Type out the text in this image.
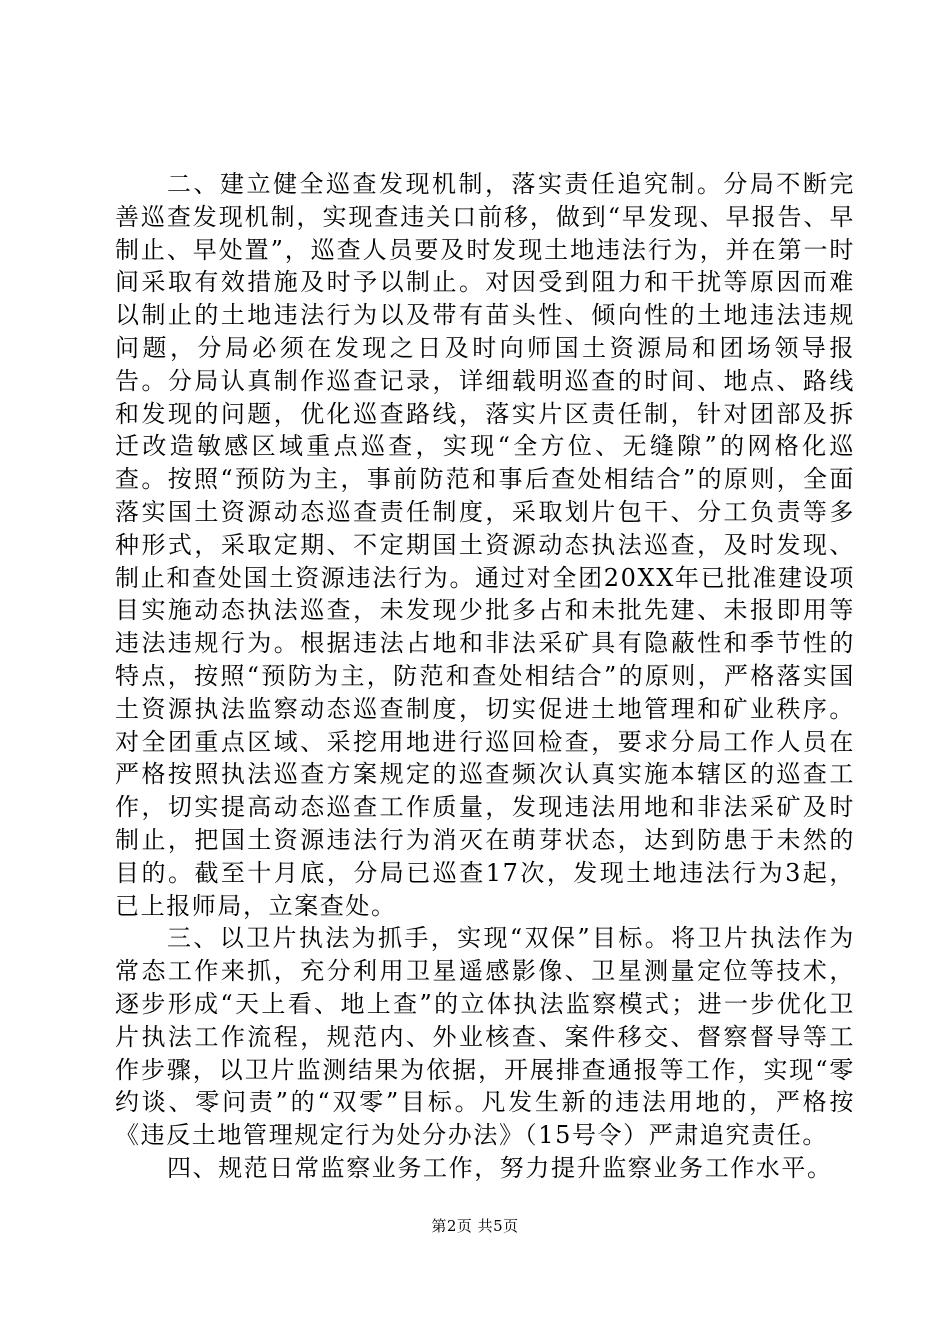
二、建立健全巡查发现机制，落实责任追究制。分局不断完善巡查发现机制，实现查违关口前移，做到“早发现、早报告、早制止、早处置”，巡查人员要及时发现土地违法行为，并在第一时间采取有效措施及时予以制止。对因受到阻力和干扰等原因而难以制止的土地违法行为以及带有苗头性、倾向性的土地违法违规问题，分局必须在发现之日及时向师国土资源局和团场领导报告。分局认真制作巡查记录，详细载明巡查的时间、地点、路线和发现的问题，优化巡查路线，落实片区责任制，针对团部及拆迁改造敏感区域重点巡查，实现“全方位、无缝隙”的网格化巡查。按照“预防为主，事前防范和事后查处相结合”的原则，全面落实国土资源动态巡查责任制度，采取划片包干、分工负责等多种形式，采取定期、不定期国土资源动态执法巡查，及时发现、制止和查处国土资源违法行为。通过对全团20XX年已批准建设项目实施动态执法巡查，未发现少批多占和未批先建、未报即用等违法违规行为。根据违法占地和非法采矿具有隐蔽性和季节性的特点，按照“预防为主，防范和查处相结合”的原则，严格落实国土资源执法监察动态巡查制度，切实促进土地管理和矿业秩序。对全团重点区域、采挖用地进行巡回检查，要求分局工作人员在严格按照执法巡查方案规定的巡查频次认真实施本辖区的巡查工作，切实提高动态巡查工作质量，发现违法用地和非法采矿及时制止，把国土资源违法行为消灭在萌芽状态，达到防患于未然的目的。截至十月底，分局已巡查17次，发现土地违法行为3起，已上报师局，立案查处。

三、以卫片执法为抓手，实现“双保”目标。将卫片执法作为常态工作来抓，充分利用卫星遥感影像、卫星测量定位等技术，逐步形成“天上看、地上查”的立体执法监察模式；进一步优化卫片执法工作流程，规范内、外业核查、案件移交、督察督导等工作步骤，以卫片监测结果为依据，开展排查通报等工作，实现“零约谈、零问责”的“双零”目标。凡发生新的违法用地的，严格按《违反土地管理规定行为处分办法》（15号令）严肃追究责任。

四、规范日常监察业务工作，努力提升监察业务工作水平。

第2页 共5页
